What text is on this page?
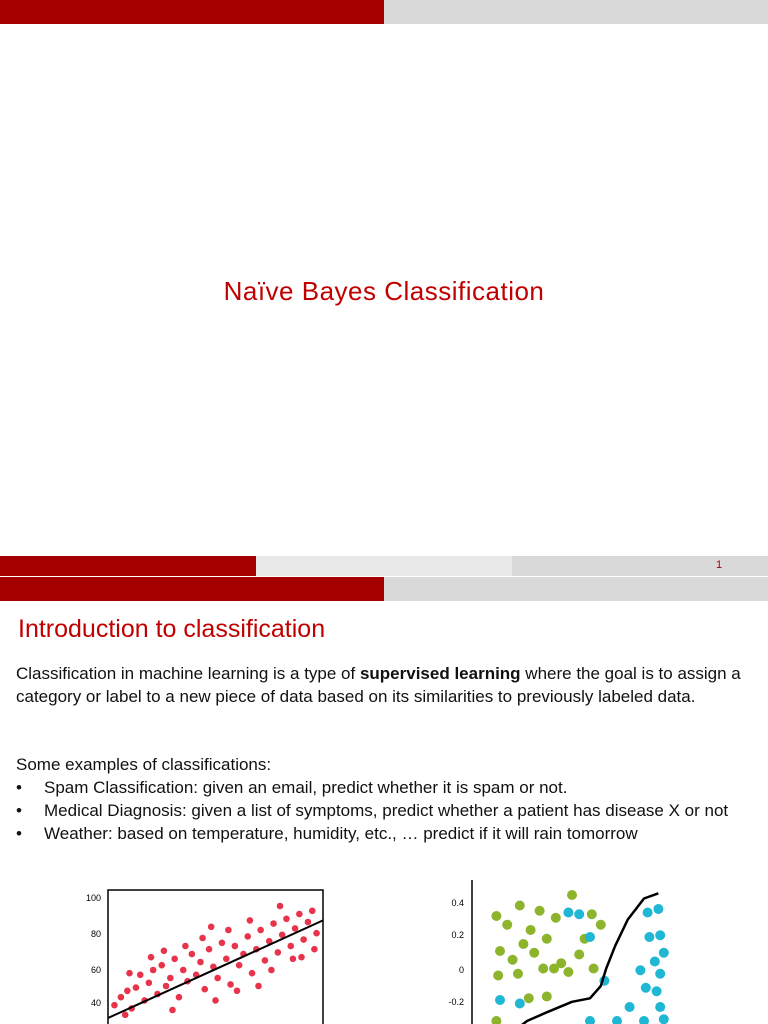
Naïve Bayes Classification
1
Introduction to classification
Classification in machine learning is a type of supervised learning where the goal is to assign a category or label to a new piece of data based on its similarities to previously labeled data.
Some examples of classifications:
• Spam Classification: given an email, predict whether it is spam or not.
• Medical Diagnosis: given a list of symptoms, predict whether a patient has disease X or not
• Weather: based on temperature, humidity, etc., … predict if it will rain tomorrow
100
80
60
40
0.4
0.2
0
-0.2
